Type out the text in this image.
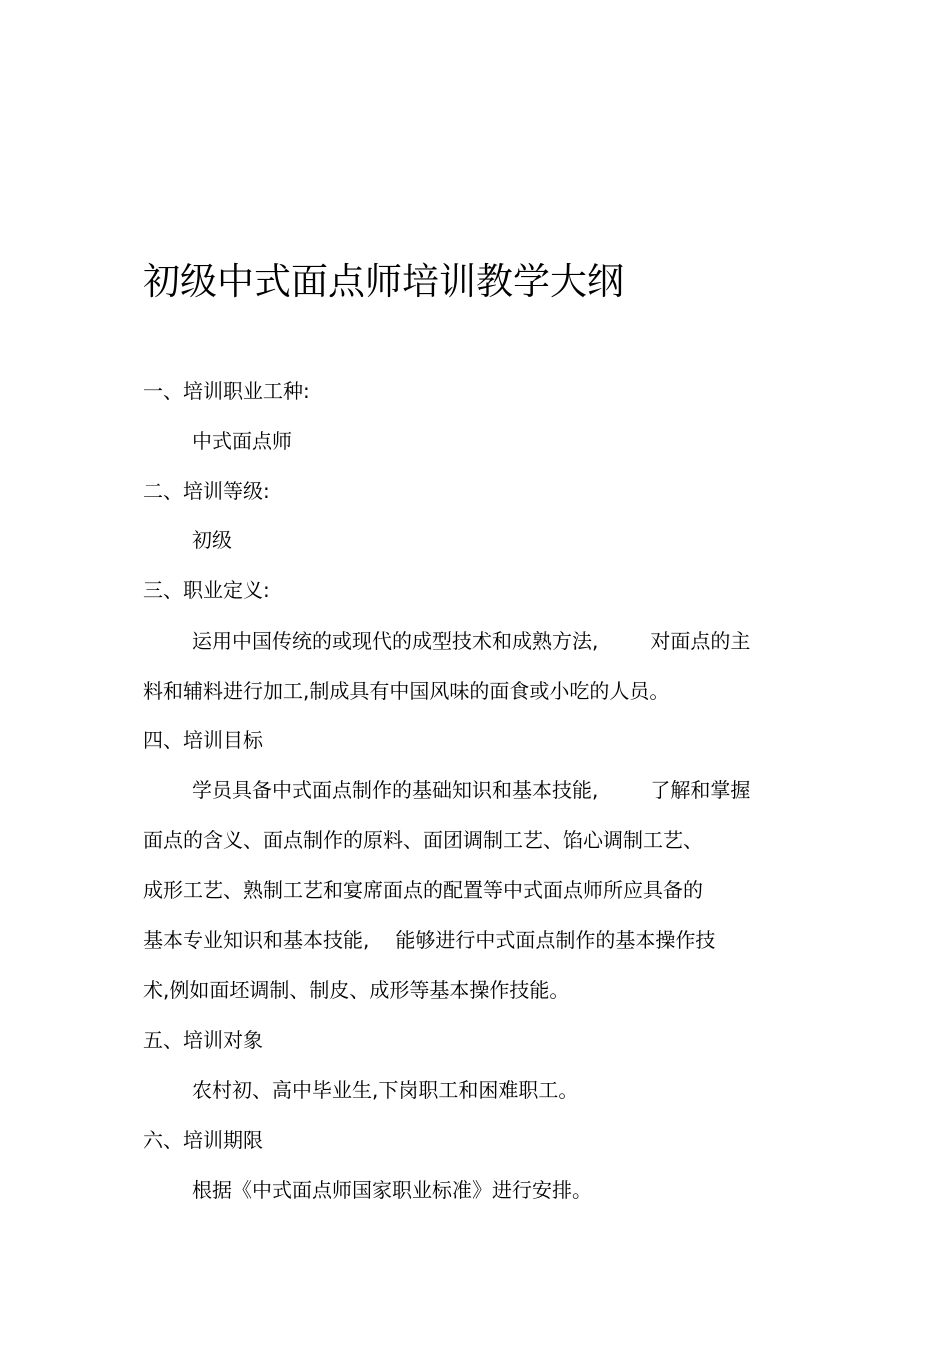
初级中式面点师培训教学大纲
一、培训职业工种:
中式面点师
二、培训等级:
初级
三、职业定义:
运用中国传统的或现代的成型技术和成熟方法,	对面点的主
料和辅料进行加工,制成具有中国风味的面食或小吃的人员。
四、培训目标
学员具备中式面点制作的基础知识和基本技能,	了解和掌握
面点的含义、面点制作的原料、面团调制工艺、馅心调制工艺、
成形工艺、熟制工艺和宴席面点的配置等中式面点师所应具备的
基本专业知识和基本技能, 能够进行中式面点制作的基本操作技
术,例如面坯调制、制皮、成形等基本操作技能。
五、培训对象
农村初、高中毕业生,下岗职工和困难职工。
六、培训期限
根据《中式面点师国家职业标准》进行安排。
